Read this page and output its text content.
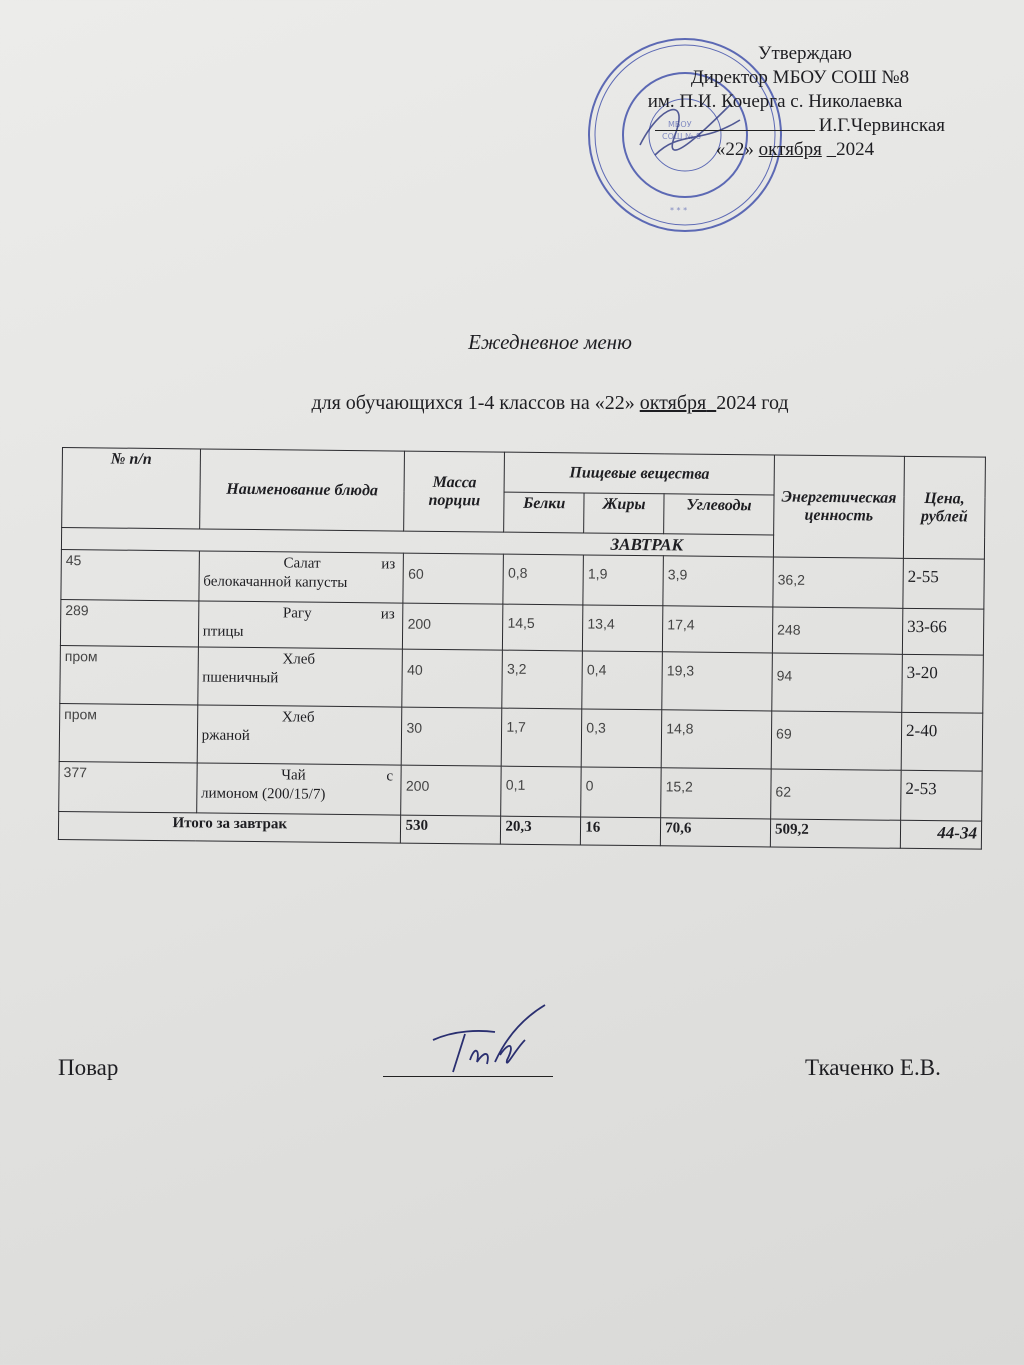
МБОУ
СОШ № 8
* * *
Утверждаю
Директор МБОУ СОШ №8
им. П.И. Кочерга с. Николаевка
И.Г.Червинская
«22» октября 2024
Ежедневное меню
для обучающихся 1-4 классов на «22» октября 2024 год
№ п/п	Наименование блюда	Масса порции	Пищевые вещества			Энергетическая ценность	Цена, рублей
			Белки	Жиры	Углеводы		
ЗАВТРАК							
45	Салат из
белокачанной капусты	60	0,8	1,9	3,9	36,2	2-55
289	Рагу из
птицы	200	14,5	13,4	17,4	248	33-66
пром	Хлеб
пшеничный	40	3,2	0,4	19,3	94	3-20
пром	Хлеб
ржаной	30	1,7	0,3	14,8	69	2-40
377	Чай с
лимоном (200/15/7)	200	0,1	0	15,2	62	2-53
Итого за завтрак		530	20,3	16	70,6	509,2	44-34
Повар	Ткаченко Е.В.
